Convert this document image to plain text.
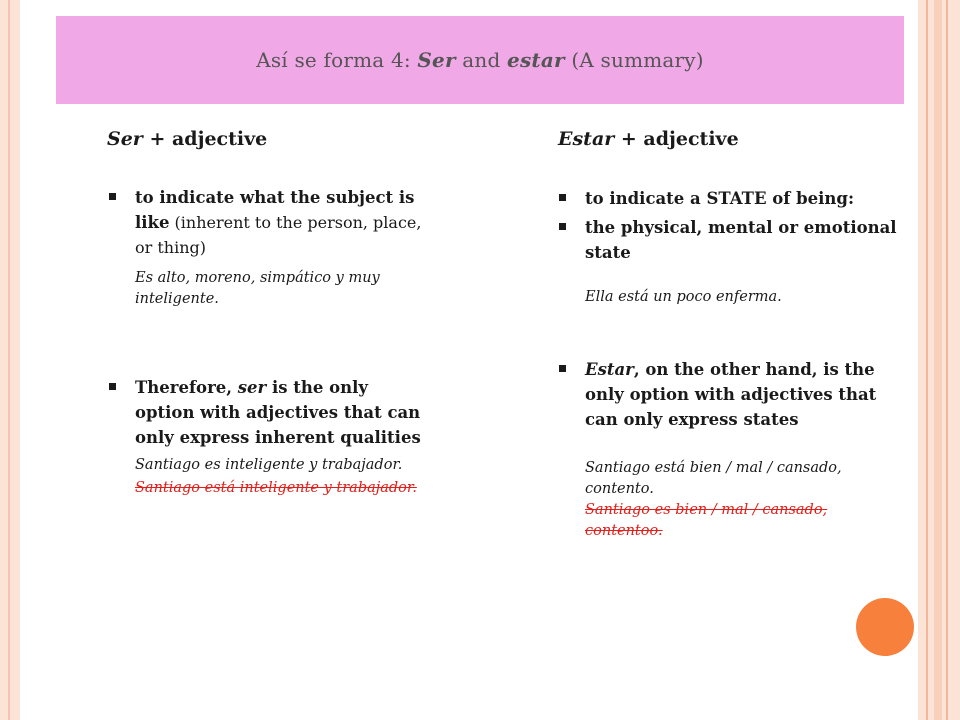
Así se forma 4: Ser and estar (A summary)
Ser + adjective
to indicate what the subject is like (inherent to the person, place, or thing)
Es alto, moreno, simpático y muy inteligente.
Therefore, ser is the only option with adjectives that can only express inherent qualities
Santiago es inteligente y trabajador.
Santiago está inteligente y trabajador.
Estar + adjective
to indicate a STATE of being:
the physical, mental or emotional state
Ella está un poco enferma.
Estar, on the other hand, is the only option with adjectives that can only express states
Santiago está bien / mal / cansado, contento.
Santiago es bien / mal / cansado, contentoo.
